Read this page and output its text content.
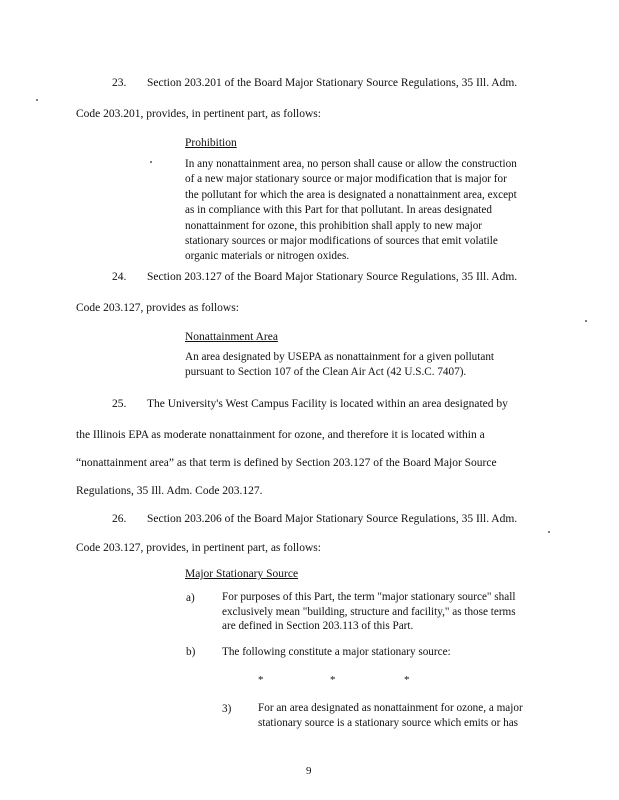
23. Section 203.201 of the Board Major Stationary Source Regulations, 35 Ill. Adm.
Code 203.201, provides, in pertinent part, as follows:
Prohibition
In any nonattainment area, no person shall cause or allow the construction
of a new major stationary source or major modification that is major for
the pollutant for which the area is designated a nonattainment area, except
as in compliance with this Part for that pollutant. In areas designated
nonattainment for ozone, this prohibition shall apply to new major
stationary sources or major modifications of sources that emit volatile
organic materials or nitrogen oxides.
24. Section 203.127 of the Board Major Stationary Source Regulations, 35 Ill. Adm.
Code 203.127, provides as follows:
Nonattainment Area
An area designated by USEPA as nonattainment for a given pollutant
pursuant to Section 107 of the Clean Air Act (42 U.S.C. 7407).
25. The University's West Campus Facility is located within an area designated by
the Illinois EPA as moderate nonattainment for ozone, and therefore it is located within a
“nonattainment area” as that term is defined by Section 203.127 of the Board Major Source
Regulations, 35 Ill. Adm. Code 203.127.
26. Section 203.206 of the Board Major Stationary Source Regulations, 35 Ill. Adm.
Code 203.127, provides, in pertinent part, as follows:
Major Stationary Source
a) For purposes of this Part, the term "major stationary source" shall
exclusively mean "building, structure and facility," as those terms
are defined in Section 203.113 of this Part.
b) The following constitute a major stationary source:
*	*	*
3) For an area designated as nonattainment for ozone, a major
stationary source is a stationary source which emits or has
9
